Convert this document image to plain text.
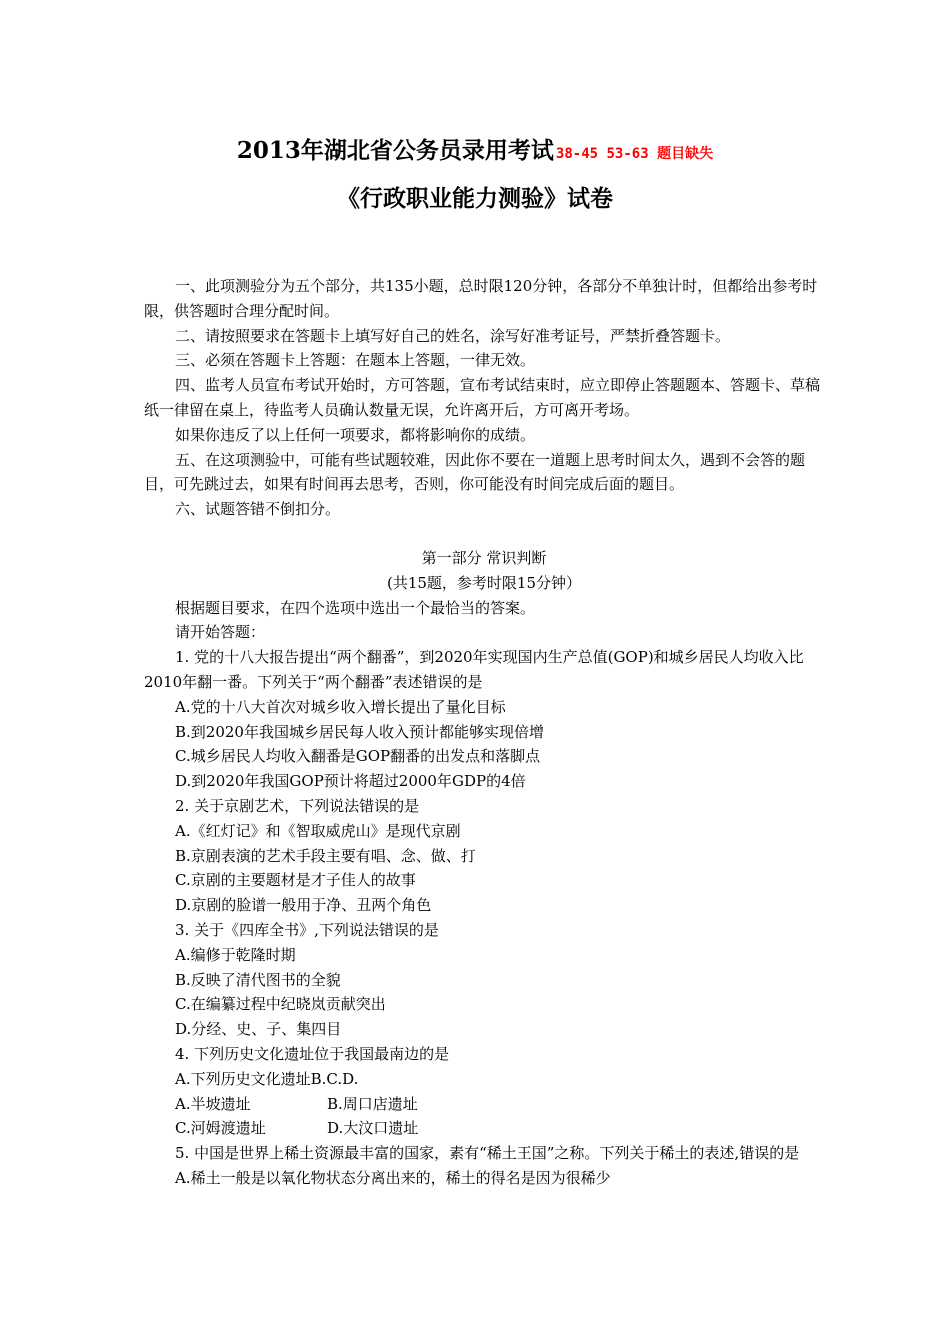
2013年湖北省公务员录用考试 38-45 53-63 题目缺失
《行政职业能力测验》试卷
一、此项测验分为五个部分，共135小题，总时限120分钟，各部分不单独计时，但都给出参考时限，供答题时合理分配时间。
二、请按照要求在答题卡上填写好自己的姓名，涂写好准考证号，严禁折叠答题卡。
三、必须在答题卡上答题：在题本上答题，一律无效。
四、监考人员宣布考试开始时，方可答题，宣布考试结束时，应立即停止答题题本、答题卡、草稿纸一律留在桌上，待监考人员确认数量无误，允许离开后，方可离开考场。
如果你违反了以上任何一项要求，都将影响你的成绩。
五、在这项测验中，可能有些试题较难，因此你不要在一道题上思考时间太久，遇到不会答的题目，可先跳过去，如果有时间再去思考，否则，你可能没有时间完成后面的题目。
六、试题答错不倒扣分。
第一部分 常识判断
(共15题，参考时限15分钟）
根据题目要求，在四个选项中选出一个最恰当的答案。
请开始答题：
1. 党的十八大报告提出“两个翻番”，到2020年实现国内生产总值(GOP)和城乡居民人均收入比2010年翻一番。下列关于“两个翻番”表述错误的是
A.党的十八大首次对城乡收入增长提出了量化目标
B.到2020年我国城乡居民每人收入预计都能够实现倍增
C.城乡居民人均收入翻番是GOP翻番的出发点和落脚点
D.到2020年我国GOP预计将超过2000年GDP的4倍
2. 关于京剧艺术，下列说法错误的是
A.《红灯记》和《智取威虎山》是现代京剧
B.京剧表演的艺术手段主要有唱、念、做、打
C.京剧的主要题材是才子佳人的故事
D.京剧的脸谱一般用于净、丑两个角色
3. 关于《四库全书》,下列说法错误的是
A.编修于乾隆时期
B.反映了清代图书的全貌
C.在编纂过程中纪晓岚贡献突出
D.分经、史、子、集四目
4. 下列历史文化遗址位于我国最南边的是
A.下列历史文化遗址B.C.D.
A.半坡遗址	B.周口店遗址
C.河姆渡遗址	D.大汶口遗址
5. 中国是世界上稀土资源最丰富的国家，素有“稀土王国”之称。下列关于稀土的表述,错误的是
A.稀土一般是以氧化物状态分离出来的，稀土的得名是因为很稀少
